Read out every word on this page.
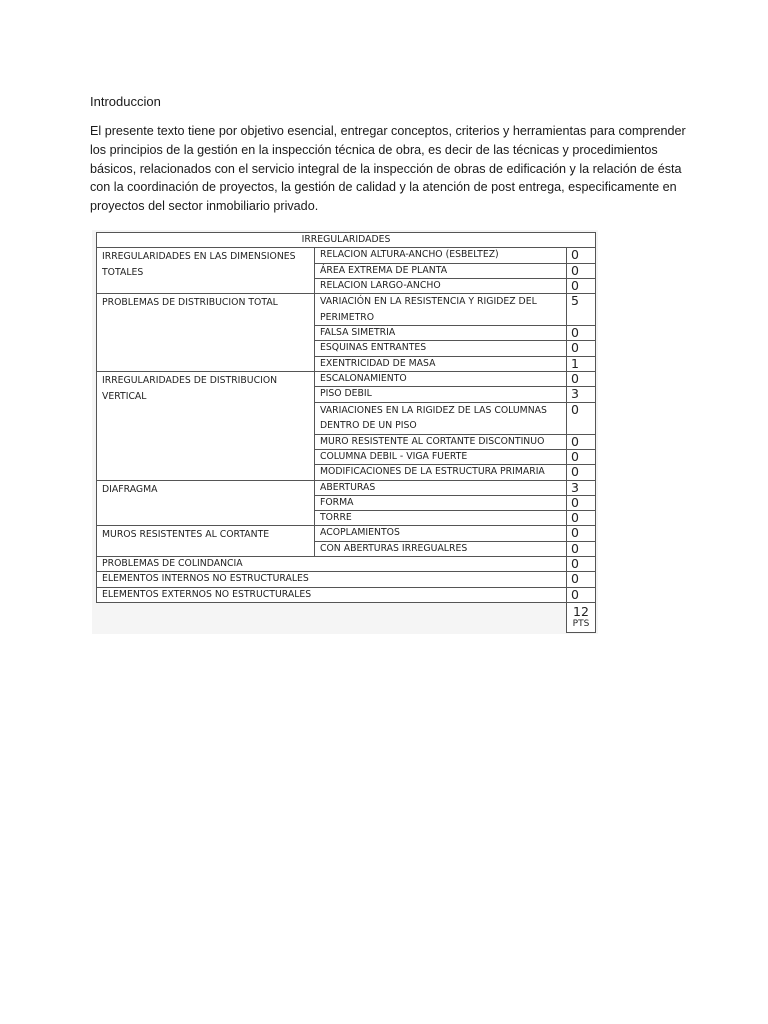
Introduccion

El presente texto tiene por objetivo esencial, entregar conceptos, criterios y herramientas para comprender los principios de la gestión en la inspección técnica de obra, es decir de las técnicas y procedimientos básicos, relacionados con el servicio integral de la inspección de obras de edificación y la relación de ésta con la coordinación de proyectos, la gestión de calidad y la atención de post entrega, especificamente en proyectos del sector inmobiliario privado.

IRREGULARIDADES		
IRREGULARIDADES EN LAS DIMENSIONES TOTALES	RELACION ALTURA-ANCHO (ESBELTEZ)	0
	ÁREA EXTREMA DE PLANTA	0
	RELACION LARGO-ANCHO	0
PROBLEMAS DE DISTRIBUCION TOTAL	VARIACIÓN EN LA RESISTENCIA Y RIGIDEZ DEL PERIMETRO	5
	FALSA SIMETRIA	0
	ESQUINAS ENTRANTES	0
	EXENTRICIDAD DE MASA	1
IRREGULARIDADES DE DISTRIBUCION VERTICAL	ESCALONAMIENTO	0
	PISO DEBIL	3
	VARIACIONES EN LA RIGIDEZ DE LAS COLUMNAS DENTRO DE UN PISO	0
	MURO RESISTENTE AL CORTANTE DISCONTINUO	0
	COLUMNA DEBIL - VIGA FUERTE	0
	MODIFICACIONES DE LA ESTRUCTURA PRIMARIA	0
DIAFRAGMA	ABERTURAS	3
	FORMA	0
	TORRE	0
MUROS RESISTENTES AL CORTANTE	ACOPLAMIENTOS	0
	CON ABERTURAS IRREGUALRES	0
PROBLEMAS DE COLINDANCIA		0
ELEMENTOS INTERNOS NO ESTRUCTURALES		0
ELEMENTOS EXTERNOS NO ESTRUCTURALES		0
		12
PTS
